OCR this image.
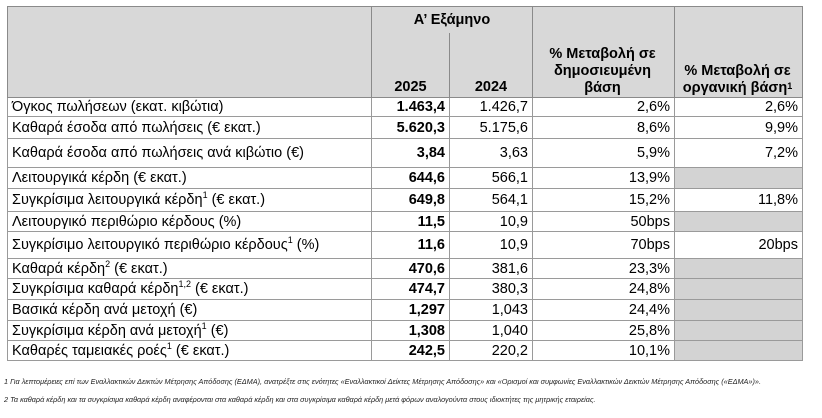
	Α’ Εξάμηνο			
	2025	2024	% Μεταβολή σε δημοσιευμένη βάση	% Μεταβολή σε οργανική βάση$^1$
Όγκος πωλήσεων (εκατ. κιβώτια)	1.463,4	1.426,7	2,6%	2,6%
Καθαρά έσοδα από πωλήσεις (€ εκατ.)	5.620,3	5.175,6	8,6%	9,9%
Καθαρά έσοδα από πωλήσεις ανά κιβώτιο (€)	3,84	3,63	5,9%	7,2%
Λειτουργικά κέρδη (€ εκατ.)	644,6	566,1	13,9%	
Συγκρίσιμα λειτουργικά κέρδη$^1$ (€ εκατ.)	649,8	564,1	15,2%	11,8%
Λειτουργικό περιθώριο κέρδους (%)	11,5	10,9	50bps	
Συγκρίσιμο λειτουργικό περιθώριο κέρδους$^1$ (%)	11,6	10,9	70bps	20bps
Καθαρά κέρδη$^2$ (€ εκατ.)	470,6	381,6	23,3%	
Συγκρίσιμα καθαρά κέρδη$^{1,2}$ (€ εκατ.)	474,7	380,3	24,8%	
Βασικά κέρδη ανά μετοχή (€)	1,297	1,043	24,4%	
Συγκρίσιμα κέρδη ανά μετοχή$^1$ (€)	1,308	1,040	25,8%	
Καθαρές ταμειακές ροές$^1$ (€ εκατ.)	242,5	220,2	10,1%	
1 Για λεπτομέρειες επί των Εναλλακτικών Δεικτών Μέτρησης Απόδοσης (ΕΔΜΑ), ανατρέξτε στις ενότητες «Εναλλακτικοί Δείκτες Μέτρησης Απόδοσης» και «Ορισμοί και συμφωνίες Εναλλακτικών Δεικτών Μέτρησης Απόδοσης («ΕΔΜΑ»)».
2 Τα καθαρά κέρδη και τα συγκρίσιμα καθαρά κέρδη αναφέρονται στα καθαρά κέρδη και στα συγκρίσιμα καθαρά κέρδη μετά φόρων αναλογούντα στους ιδιοκτήτες της μητρικής εταιρείας.
